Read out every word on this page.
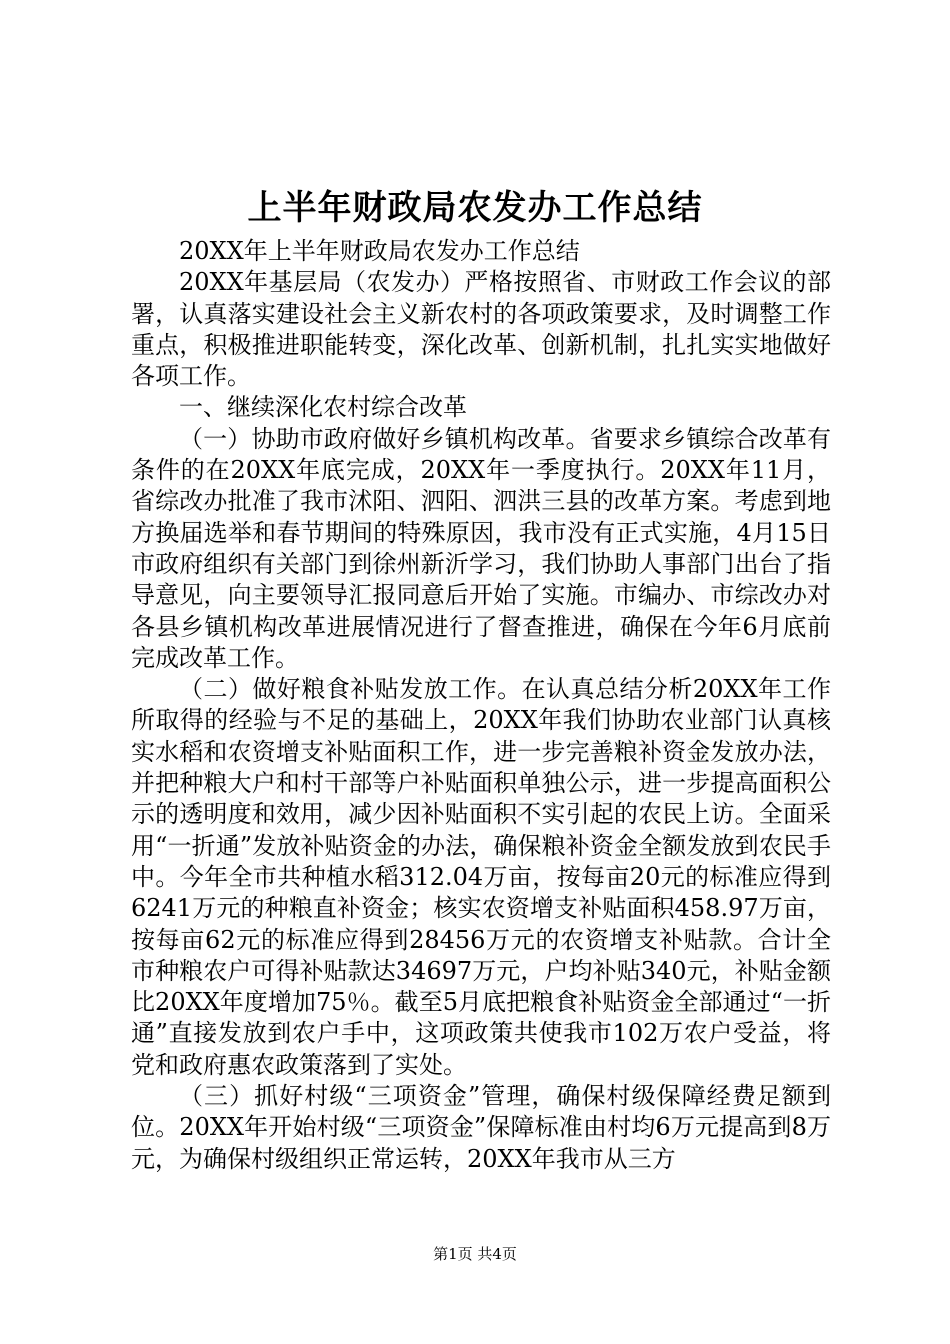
上半年财政局农发办工作总结

20XX年上半年财政局农发办工作总结

20XX年基层局（农发办）严格按照省、市财政工作会议的部署，认真落实建设社会主义新农村的各项政策要求，及时调整工作重点，积极推进职能转变，深化改革、创新机制，扎扎实实地做好各项工作。

一、继续深化农村综合改革

（一）协助市政府做好乡镇机构改革。省要求乡镇综合改革有条件的在20XX年底完成，20XX年一季度执行。20XX年11月，省综改办批准了我市沭阳、泗阳、泗洪三县的改革方案。考虑到地方换届选举和春节期间的特殊原因，我市没有正式实施，4月15日市政府组织有关部门到徐州新沂学习，我们协助人事部门出台了指导意见，向主要领导汇报同意后开始了实施。市编办、市综改办对各县乡镇机构改革进展情况进行了督查推进，确保在今年6月底前完成改革工作。

（二）做好粮食补贴发放工作。在认真总结分析20XX年工作所取得的经验与不足的基础上，20XX年我们协助农业部门认真核实水稻和农资增支补贴面积工作，进一步完善粮补资金发放办法，并把种粮大户和村干部等户补贴面积单独公示，进一步提高面积公示的透明度和效用，减少因补贴面积不实引起的农民上访。全面采用“一折通”发放补贴资金的办法，确保粮补资金全额发放到农民手中。今年全市共种植水稻312.04万亩，按每亩20元的标准应得到6241万元的种粮直补资金；核实农资增支补贴面积458.97万亩，按每亩62元的标准应得到28456万元的农资增支补贴款。合计全市种粮农户可得补贴款达34697万元，户均补贴340元，补贴金额比20XX年度增加75％。截至5月底把粮食补贴资金全部通过“一折通”直接发放到农户手中，这项政策共使我市102万农户受益，将党和政府惠农政策落到了实处。

（三）抓好村级“三项资金”管理，确保村级保障经费足额到位。20XX年开始村级“三项资金”保障标准由村均6万元提高到8万元，为确保村级组织正常运转，20XX年我市从三方

第1页 共4页
